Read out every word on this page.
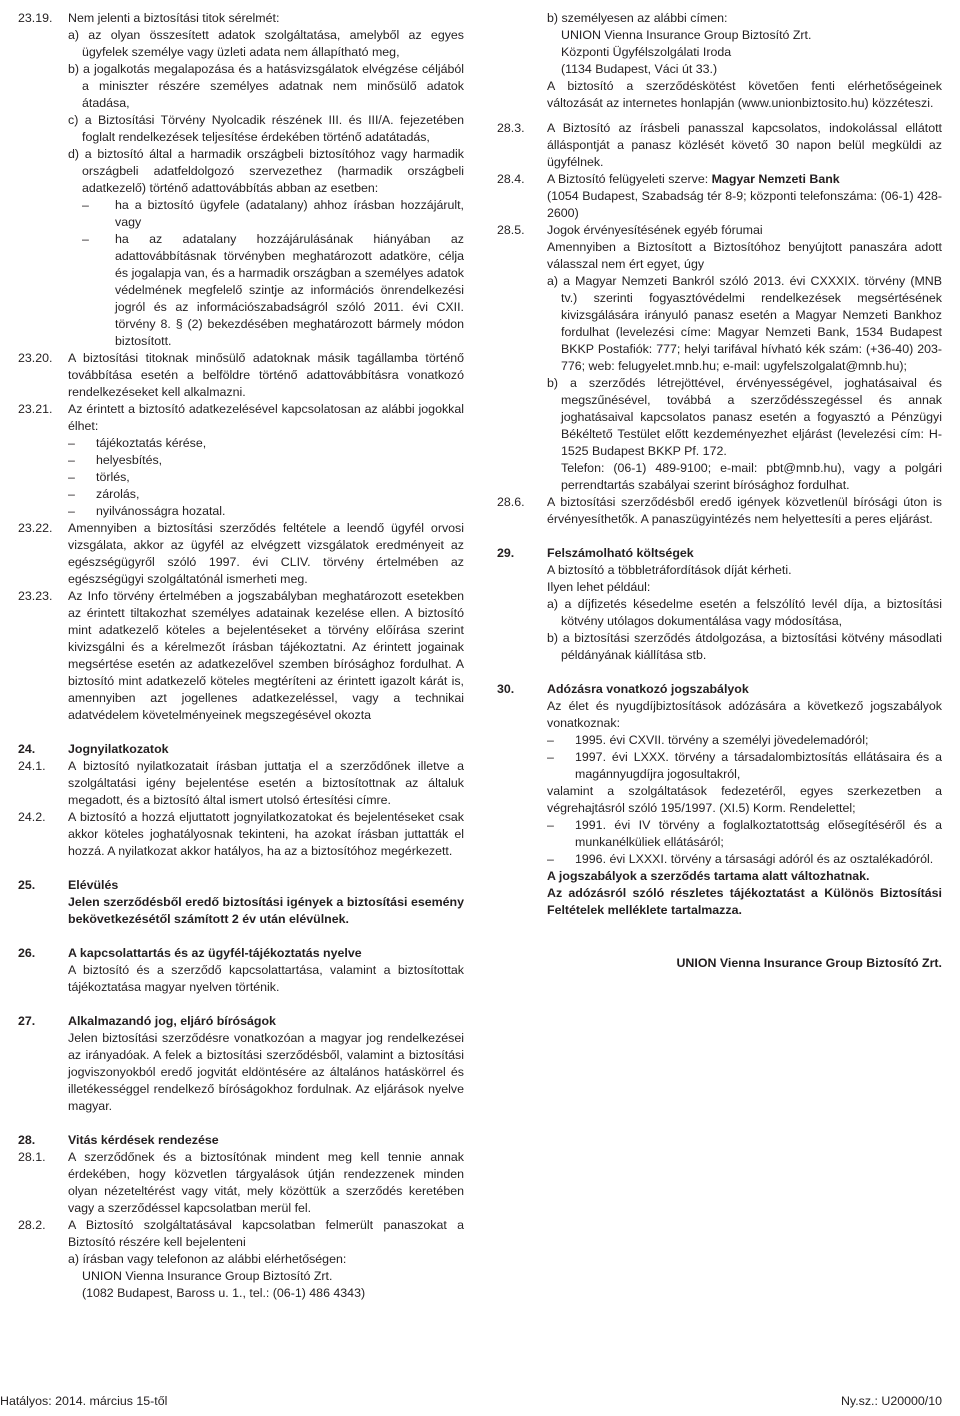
23.19.	Nem jelenti a biztosítási titok sérelmét:
a) az olyan összesített adatok szolgáltatása, amelyből az egyes ügyfelek személye vagy üzleti adata nem állapítható meg,
b) a jogalkotás megalapozása és a hatásvizsgálatok elvégzése céljából a miniszter részére személyes adatnak nem minősülő adatok átadása,
c) a Biztosítási Törvény Nyolcadik részének III. és III/A. fejezetében foglalt rendelkezések teljesítése érdekében történő adatátadás,
d) a biztosító által a harmadik országbeli biztosítóhoz vagy harmadik országbeli adatfeldolgozó szervezethez (harmadik országbeli adatkezelő) történő adattovábbítás abban az esetben:
–	ha a biztosító ügyfele (adatalany) ahhoz írásban hozzájárult, vagy
–	ha az adatalany hozzájárulásának hiányában az adattovábbításnak törvényben meghatározott adatköre, célja és jogalapja van, és a harmadik országban a személyes adatok védelmének megfelelő szintje az információs önrendelkezési jogról és az információszabadságról szóló 2011. évi CXII. törvény 8. § (2) bekezdésében meghatározott bármely módon biztosított.
23.20.	A biztosítási titoknak minősülő adatoknak másik tagállamba történő továbbítása esetén a belföldre történő adattovábbításra vonatkozó rendelkezéseket kell alkalmazni.
23.21.	Az érintett a biztosító adatkezelésével kapcsolatosan az alábbi jogokkal élhet:
–	tájékoztatás kérése,
–	helyesbítés,
–	törlés,
–	zárolás,
–	nyilvánosságra hozatal.
23.22.	Amennyiben a biztosítási szerződés feltétele a leendő ügyfél orvosi vizsgálata, akkor az ügyfél az elvégzett vizsgálatok eredményeit az egészségügyről szóló 1997. évi CLIV. törvény értelmében az egészségügyi szolgáltatónál ismerheti meg.
23.23.	Az Info törvény értelmében a jogszabályban meghatározott esetekben az érintett tiltakozhat személyes adatainak kezelése ellen. A biztosító mint adatkezelő köteles a bejelentéseket a törvény előírása szerint kivizsgálni és a kérelmezőt írásban tájékoztatni. Az érintett jogainak megsértése esetén az adatkezelővel szemben bírósághoz fordulhat. A biztosító mint adatkezelő köteles megtéríteni az érintett igazolt kárát is, amennyiben azt jogellenes adatkezeléssel, vagy a technikai adatvédelem követelményeinek megszegésével okozta
24.	Jognyilatkozatok
24.1.	A biztosító nyilatkozatait írásban juttatja el a szerződőnek illetve a szolgáltatási igény bejelentése esetén a biztosítottnak az általuk megadott, és a biztosító által ismert utolsó értesítési címre.
24.2.	A biztosító a hozzá eljuttatott jognyilatkozatokat és bejelentéseket csak akkor köteles joghatályosnak tekinteni, ha azokat írásban juttatták el hozzá. A nyilatkozat akkor hatályos, ha az a biztosítóhoz megérkezett.
25.	Elévülés
Jelen szerződésből eredő biztosítási igények a biztosítási esemény bekövetkezésétől számított 2 év után elévülnek.
26.	A kapcsolattartás és az ügyfél-tájékoztatás nyelve
A biztosító és a szerződő kapcsolattartása, valamint a biztosítottak tájékoztatása magyar nyelven történik.
27.	Alkalmazandó jog, eljáró bíróságok
Jelen biztosítási szerződésre vonatkozóan a magyar jog rendelkezései az irányadóak. A felek a biztosítási szerződésből, valamint a biztosítási jogviszonyokból eredő jogvitát eldöntésére az általános hatáskörrel és illetékességgel rendelkező bíróságokhoz fordulnak. Az eljárások nyelve magyar.
28.	Vitás kérdések rendezése
28.1.	A szerződőnek és a biztosítónak mindent meg kell tennie annak érdekében, hogy közvetlen tárgyalások útján rendezzenek minden olyan nézeteltérést vagy vitát, mely közöttük a szerződés keretében vagy a szerződéssel kapcsolatban merül fel.
28.2.	A Biztosító szolgáltatásával kapcsolatban felmerült panaszokat a Biztosító részére kell bejelenteni
a) írásban vagy telefonon az alábbi elérhetőségen:
UNION Vienna Insurance Group Biztosító Zrt.
(1082 Budapest, Baross u. 1., tel.: (06-1) 486 4343)
b) személyesen az alábbi címen:
UNION Vienna Insurance Group Biztosító Zrt.
Központi Ügyfélszolgálati Iroda
(1134 Budapest, Váci út 33.)
A biztosító a szerződéskötést követően fenti elérhetőségeinek változását az internetes honlapján (www.unionbiztosito.hu) közzéteszi.
28.3.	A Biztosító az írásbeli panasszal kapcsolatos, indokolással ellátott álláspontját a panasz közlését követő 30 napon belül megküldi az ügyfélnek.
28.4.	A Biztosító felügyeleti szerve: Magyar Nemzeti Bank
(1054 Budapest, Szabadság tér 8-9; központi telefonszáma: (06-1) 428-2600)
28.5.	Jogok érvényesítésének egyéb fórumai
Amennyiben a Biztosított a Biztosítóhoz benyújtott panaszára adott válasszal nem ért egyet, úgy
a) a Magyar Nemzeti Bankról szóló 2013. évi CXXXIX. törvény (MNB tv.) szerinti fogyasztóvédelmi rendelkezések megsértésének kivizsgálására irányuló panasz esetén a Magyar Nemzeti Bankhoz fordulhat (levelezési címe: Magyar Nemzeti Bank, 1534 Budapest BKKP Postafiók: 777; helyi tarifával hívható kék szám: (+36-40) 203-776; web: felugyelet.mnb.hu; e-mail: ugyfelszolgalat@mnb.hu);
b) a szerződés létrejöttével, érvényességével, joghatásaival és megszűnésével, továbbá a szerződésszegéssel és annak joghatásaival kapcsolatos panasz esetén a fogyasztó a Pénzügyi Békéltető Testület előtt kezdeményezhet eljárást (levelezési cím: H-1525 Budapest BKKP Pf. 172.
Telefon: (06-1) 489-9100; e-mail: pbt@mnb.hu), vagy a polgári perrendtartás szabályai szerint bírósághoz fordulhat.
28.6.	A biztosítási szerződésből eredő igények közvetlenül bírósági úton is érvényesíthetők. A panaszügyintézés nem helyettesíti a peres eljárást.
29.	Felszámolható költségek
A biztosító a többletráfordítások díját kérheti.
Ilyen lehet például:
a) a díjfizetés késedelme esetén a felszólító levél díja, a biztosítási kötvény utólagos dokumentálása vagy módosítása,
b) a biztosítási szerződés átdolgozása, a biztosítási kötvény másodlati példányának kiállítása stb.
30.	Adózásra vonatkozó jogszabályok
Az élet és nyugdíjbiztosítások adózására a következő jogszabályok vonatkoznak:
–	1995. évi CXVII. törvény a személyi jövedelemadóról;
–	1997. évi LXXX. törvény a társadalombiztosítás ellátásaira és a magánnyugdíjra jogosultakról,
valamint a szolgáltatások fedezetéről, egyes szerkezetben a végrehajtásról szóló 195/1997. (XI.5) Korm. Rendelettel;
–	1991. évi IV törvény a foglalkoztatottság elősegítéséről és a munkanélküliek ellátásáról;
–	1996. évi LXXXI. törvény a társasági adóról és az osztalékadóról.
A jogszabályok a szerződés tartama alatt változhatnak.
Az adózásról szóló részletes tájékoztatást a Különös Biztosítási Feltételek melléklete tartalmazza.
UNION Vienna Insurance Group Biztosító Zrt.
Hatályos: 2014. március 15-től	Ny.sz.: U20000/10
